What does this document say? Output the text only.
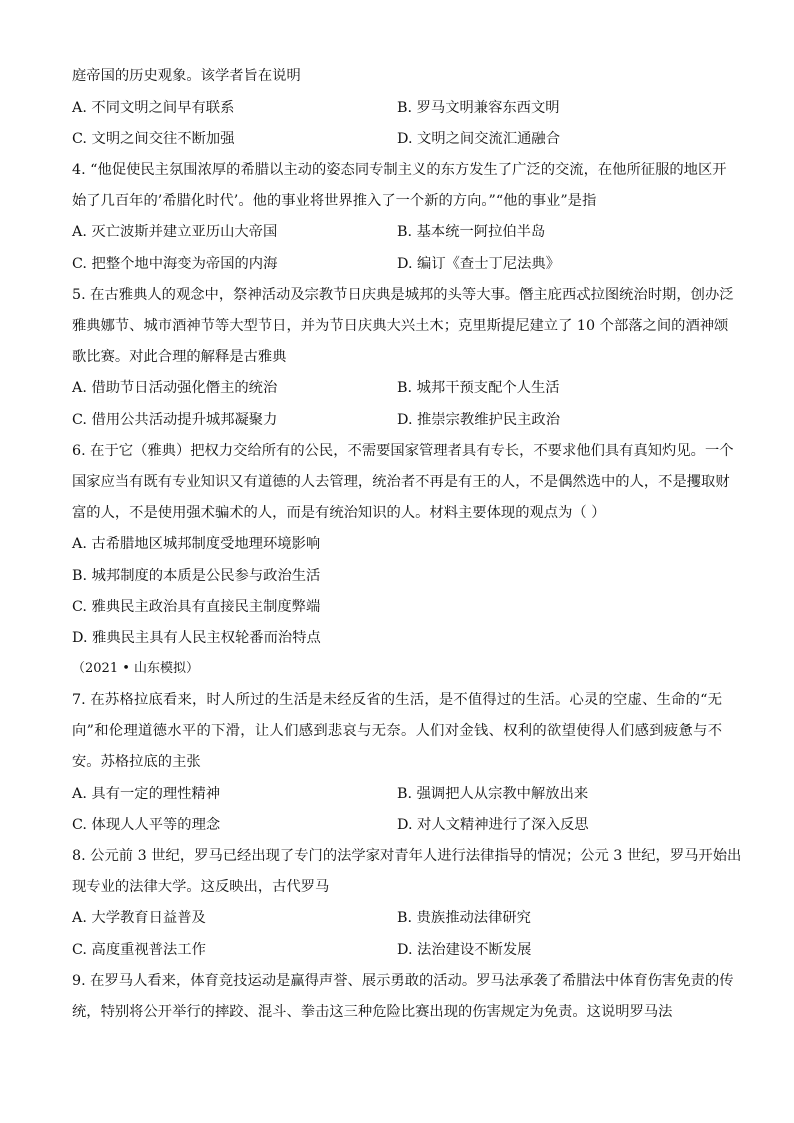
庭帝国的历史观象。该学者旨在说明
A. 不同文明之间早有联系	B. 罗马文明兼容东西文明
C. 文明之间交往不断加强	D. 文明之间交流汇通融合
4. “他促使民主氛围浓厚的希腊以主动的姿态同专制主义的东方发生了广泛的交流，在他所征服的地区开
始了几百年的’希腊化时代’。他的事业将世界推入了一个新的方向。”“他的事业”是指
A. 灭亡波斯并建立亚历山大帝国	B. 基本统一阿拉伯半岛
C. 把整个地中海变为帝国的内海	D. 编订《查士丁尼法典》
5. 在古雅典人的观念中，祭神活动及宗教节日庆典是城邦的头等大事。僭主庇西忒拉图统治时期，创办泛
雅典娜节、城市酒神节等大型节日，并为节日庆典大兴土木；克里斯提尼建立了 10 个部落之间的酒神颂
歌比赛。对此合理的解释是古雅典
A. 借助节日活动强化僭主的统治	B. 城邦干预支配个人生活
C. 借用公共活动提升城邦凝聚力	D. 推崇宗教维护民主政治
6. 在于它（雅典）把权力交给所有的公民，不需要国家管理者具有专长，不要求他们具有真知灼见。一个
国家应当有既有专业知识又有道德的人去管理，统治者不再是有王的人，不是偶然选中的人，不是攫取财
富的人，不是使用强术骗术的人，而是有统治知识的人。材料主要体现的观点为（ ）
A. 古希腊地区城邦制度受地理环境影响
B. 城邦制度的本质是公民参与政治生活
C. 雅典民主政治具有直接民主制度弊端
D. 雅典民主具有人民主权轮番而治特点
（2021 • 山东模拟）
7. 在苏格拉底看来，时人所过的生活是未经反省的生活，是不值得过的生活。心灵的空虚、生命的“无
向”和伦理道德水平的下滑，让人们感到悲哀与无奈。人们对金钱、权利的欲望使得人们感到疲惫与不
安。苏格拉底的主张
A. 具有一定的理性精神	B. 强调把人从宗教中解放出来
C. 体现人人平等的理念	D. 对人文精神进行了深入反思
8. 公元前 3 世纪，罗马已经出现了专门的法学家对青年人进行法律指导的情况；公元 3 世纪，罗马开始出
现专业的法律大学。这反映出，古代罗马
A. 大学教育日益普及	B. 贵族推动法律研究
C. 高度重视普法工作	D. 法治建设不断发展
9. 在罗马人看来，体育竞技运动是赢得声誉、展示勇敢的活动。罗马法承袭了希腊法中体育伤害免责的传
统，特别将公开举行的摔跤、混斗、拳击这三种危险比赛出现的伤害规定为免责。这说明罗马法
